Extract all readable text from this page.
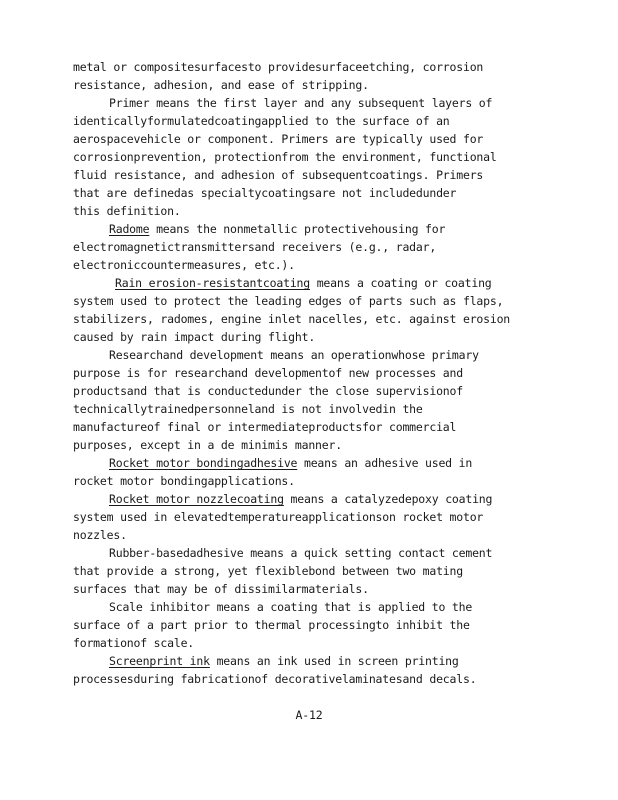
metal or compositesurfacesto providesurfaceetching, corrosion
resistance, adhesion, and ease of stripping.
Primer means the first layer and any subsequent layers of
identicallyformulatedcoatingapplied to the surface of an
aerospacevehicle or component. Primers are typically used for
corrosionprevention, protectionfrom the environment, functional
fluid resistance, and adhesion of subsequentcoatings. Primers
that are definedas specialtycoatingsare not includedunder
this definition.
Radome means the nonmetallic protectivehousing for
electromagnetictransmittersand receivers (e.g., radar,
electroniccountermeasures, etc.).
Rain erosion-resistantcoating means a coating or coating
system used to protect the leading edges of parts such as flaps,
stabilizers, radomes, engine inlet nacelles, etc. against erosion
caused by rain impact during flight.
Researchand development means an operationwhose primary
purpose is for researchand developmentof new processes and
productsand that is conductedunder the close supervisionof
technicallytrainedpersonneland is not involvedin the
manufactureof final or intermediateproductsfor commercial
purposes, except in a de minimis manner.
Rocket motor bondingadhesive means an adhesive used in
rocket motor bondingapplications.
Rocket motor nozzlecoating means a catalyzedepoxy coating
system used in elevatedtemperatureapplicationson rocket motor
nozzles.
Rubber-basedadhesive means a quick setting contact cement
that provide a strong, yet flexiblebond between two mating
surfaces that may be of dissimilarmaterials.
Scale inhibitor means a coating that is applied to the
surface of a part prior to thermal processingto inhibit the
formationof scale.
Screenprint ink means an ink used in screen printing
processesduring fabricationof decorativelaminatesand decals.
A-12
